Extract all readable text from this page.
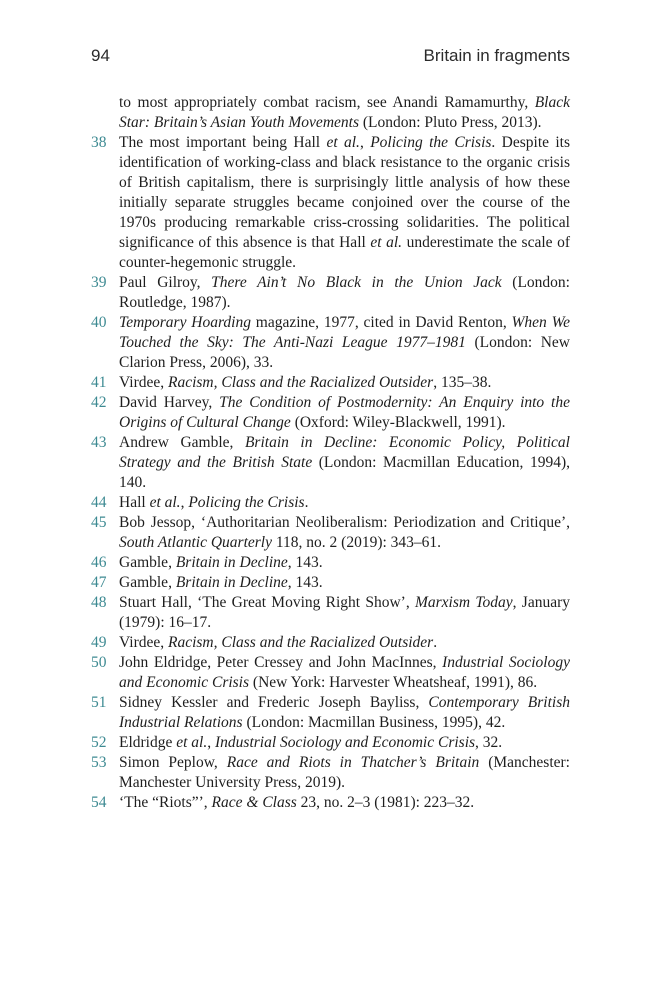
94	Britain in fragments
to most appropriately combat racism, see Anandi Ramamurthy, Black Star: Britain’s Asian Youth Movements (London: Pluto Press, 2013).
38 The most important being Hall et al., Policing the Crisis. Despite its identification of working-class and black resistance to the organic crisis of British capitalism, there is surprisingly little analysis of how these initially separate struggles became conjoined over the course of the 1970s producing remarkable criss-crossing solidarities. The political significance of this absence is that Hall et al. underestimate the scale of counter-hegemonic struggle.
39 Paul Gilroy, There Ain’t No Black in the Union Jack (London: Routledge, 1987).
40 Temporary Hoarding magazine, 1977, cited in David Renton, When We Touched the Sky: The Anti-Nazi League 1977–1981 (London: New Clarion Press, 2006), 33.
41 Virdee, Racism, Class and the Racialized Outsider, 135–38.
42 David Harvey, The Condition of Postmodernity: An Enquiry into the Origins of Cultural Change (Oxford: Wiley-Blackwell, 1991).
43 Andrew Gamble, Britain in Decline: Economic Policy, Political Strategy and the British State (London: Macmillan Education, 1994), 140.
44 Hall et al., Policing the Crisis.
45 Bob Jessop, ‘Authoritarian Neoliberalism: Periodization and Critique’, South Atlantic Quarterly 118, no. 2 (2019): 343–61.
46 Gamble, Britain in Decline, 143.
47 Gamble, Britain in Decline, 143.
48 Stuart Hall, ‘The Great Moving Right Show’, Marxism Today, January (1979): 16–17.
49 Virdee, Racism, Class and the Racialized Outsider.
50 John Eldridge, Peter Cressey and John MacInnes, Industrial Sociology and Economic Crisis (New York: Harvester Wheatsheaf, 1991), 86.
51 Sidney Kessler and Frederic Joseph Bayliss, Contemporary British Industrial Relations (London: Macmillan Business, 1995), 42.
52 Eldridge et al., Industrial Sociology and Economic Crisis, 32.
53 Simon Peplow, Race and Riots in Thatcher’s Britain (Manchester: Manchester University Press, 2019).
54 ‘The “Riots”’, Race & Class 23, no. 2–3 (1981): 223–32.
